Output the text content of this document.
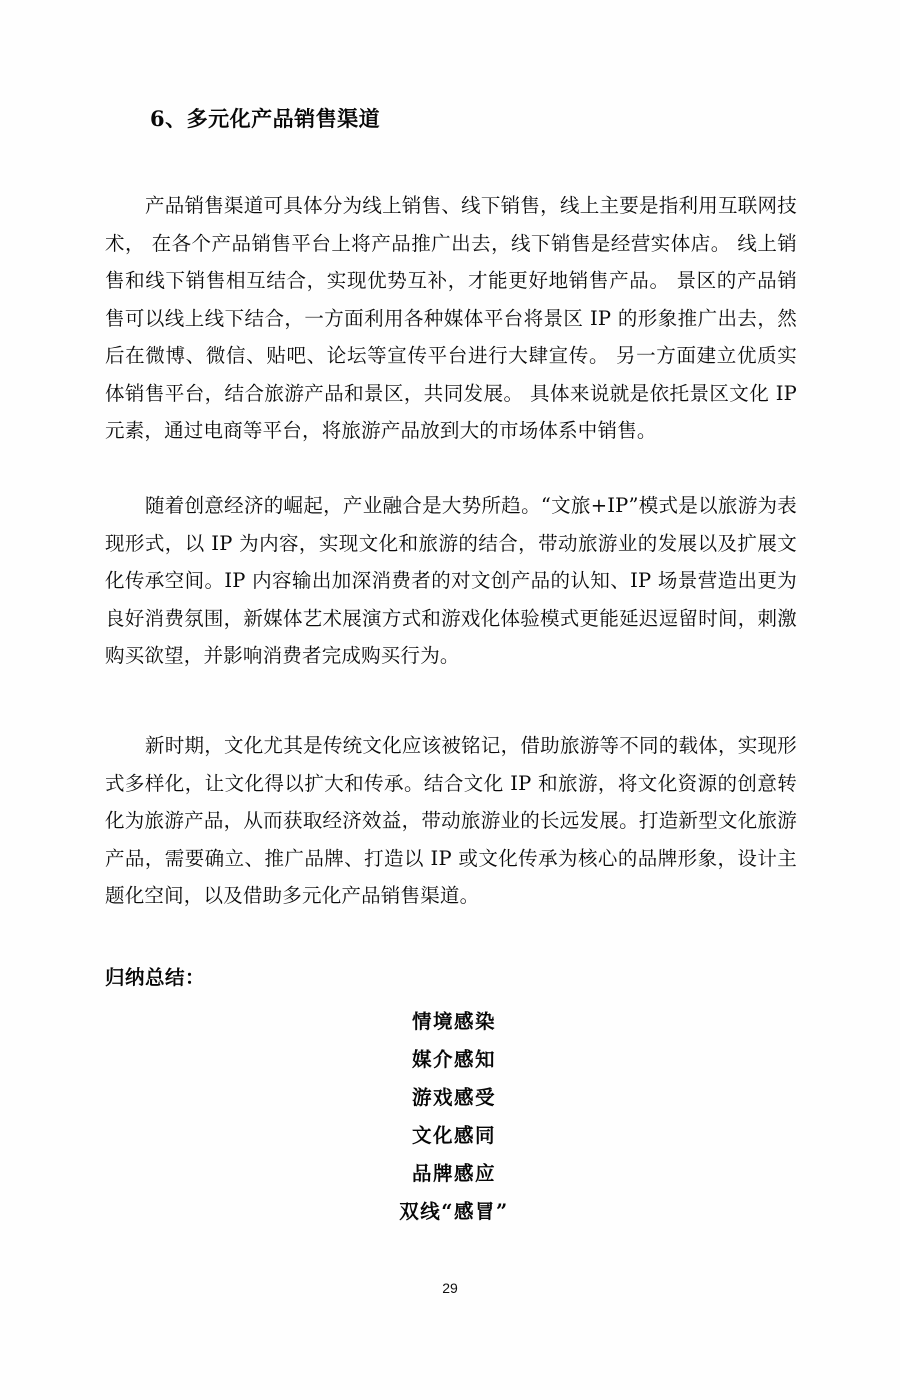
6、多元化产品销售渠道

产品销售渠道可具体分为线上销售、线下销售，线上主要是指利用互联网技术， 在各个产品销售平台上将产品推广出去，线下销售是经营实体店。 线上销售和线下销售相互结合，实现优势互补，才能更好地销售产品。 景区的产品销售可以线上线下结合，一方面利用各种媒体平台将景区 IP 的形象推广出去，然后在微博、微信、贴吧、论坛等宣传平台进行大肆宣传。 另一方面建立优质实体销售平台，结合旅游产品和景区，共同发展。 具体来说就是依托景区文化 IP 元素，通过电商等平台，将旅游产品放到大的市场体系中销售。

随着创意经济的崛起，产业融合是大势所趋。“文旅+IP”模式是以旅游为表现形式，以 IP 为内容，实现文化和旅游的结合，带动旅游业的发展以及扩展文化传承空间。IP 内容输出加深消费者的对文创产品的认知、IP 场景营造出更为良好消费氛围，新媒体艺术展演方式和游戏化体验模式更能延迟逗留时间，刺激购买欲望，并影响消费者完成购买行为。

新时期，文化尤其是传统文化应该被铭记，借助旅游等不同的载体，实现形式多样化，让文化得以扩大和传承。结合文化 IP 和旅游，将文化资源的创意转化为旅游产品，从而获取经济效益，带动旅游业的长远发展。打造新型文化旅游产品，需要确立、推广品牌、打造以 IP 或文化传承为核心的品牌形象，设计主题化空间，以及借助多元化产品销售渠道。

归纳总结：

情境感染
媒介感知
游戏感受
文化感同
品牌感应
双线“感冒”
29
